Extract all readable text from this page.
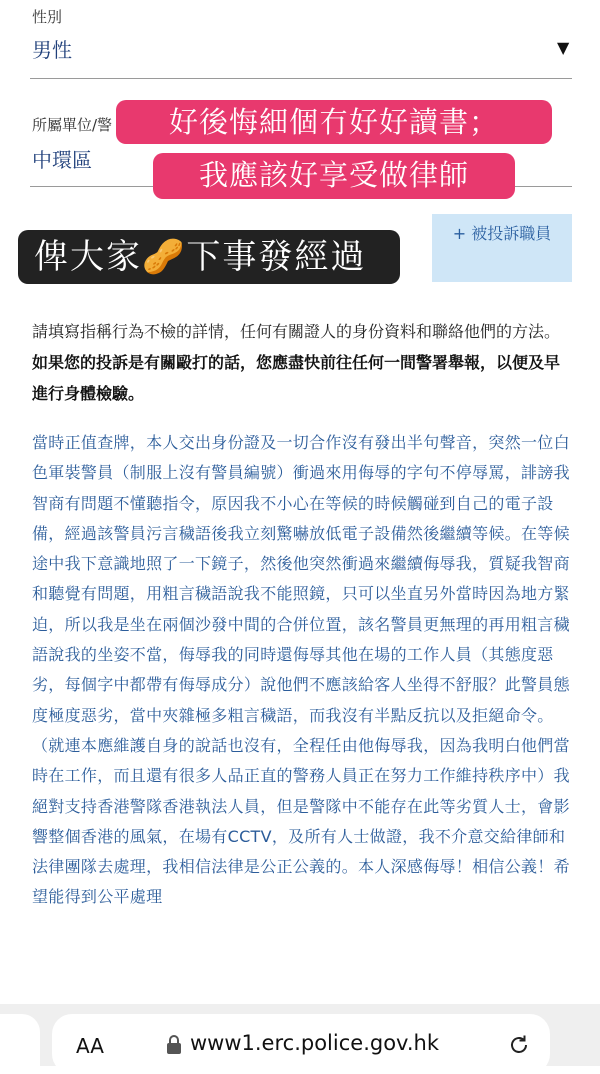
性別
男性	▼
所屬單位/警
中環區
好後悔細個冇好好讀書；
我應該好享受做律師
俾大家🥜下事發經過
+ 被投訴職員
請填寫指稱行為不檢的詳情，任何有關證人的身份資料和聯絡他們的方法。 如果您的投訴是有關毆打的話，您應盡快前往任何一間警署舉報，以便及早進行身體檢驗。
當時正值查牌，本人交出身份證及一切合作沒有發出半句聲音，突然一位白色軍裝警員（制服上沒有警員編號）衝過來用侮辱的字句不停辱罵，誹謗我智商有問題不懂聽指令，原因我不小心在等候的時候觸碰到自己的電子設備，經過該警員污言穢語後我立刻驚嚇放低電子設備然後繼續等候。在等候途中我下意識地照了一下鏡子，然後他突然衝過來繼續侮辱我，質疑我智商和聽覺有問題，用粗言穢語說我不能照鏡，只可以坐直另外當時因為地方緊迫，所以我是坐在兩個沙發中間的合併位置，該名警員更無理的再用粗言穢語說我的坐姿不當，侮辱我的同時還侮辱其他在場的工作人員（其態度惡劣，每個字中都帶有侮辱成分）說他們不應該給客人坐得不舒服？此警員態度極度惡劣，當中夾雜極多粗言穢語，而我沒有半點反抗以及拒絕命令。（就連本應維護自身的說話也沒有，全程任由他侮辱我，因為我明白他們當時在工作，而且還有很多人品正直的警務人員正在努力工作維持秩序中）我絕對支持香港警隊香港執法人員，但是警隊中不能存在此等劣質人士，會影響整個香港的風氣，在場有CCTV，及所有人士做證，我不介意交給律師和法律團隊去處理，我相信法律是公正公義的。本人深感侮辱！相信公義！希望能得到公平處理
AA	www1.erc.police.gov.hk
